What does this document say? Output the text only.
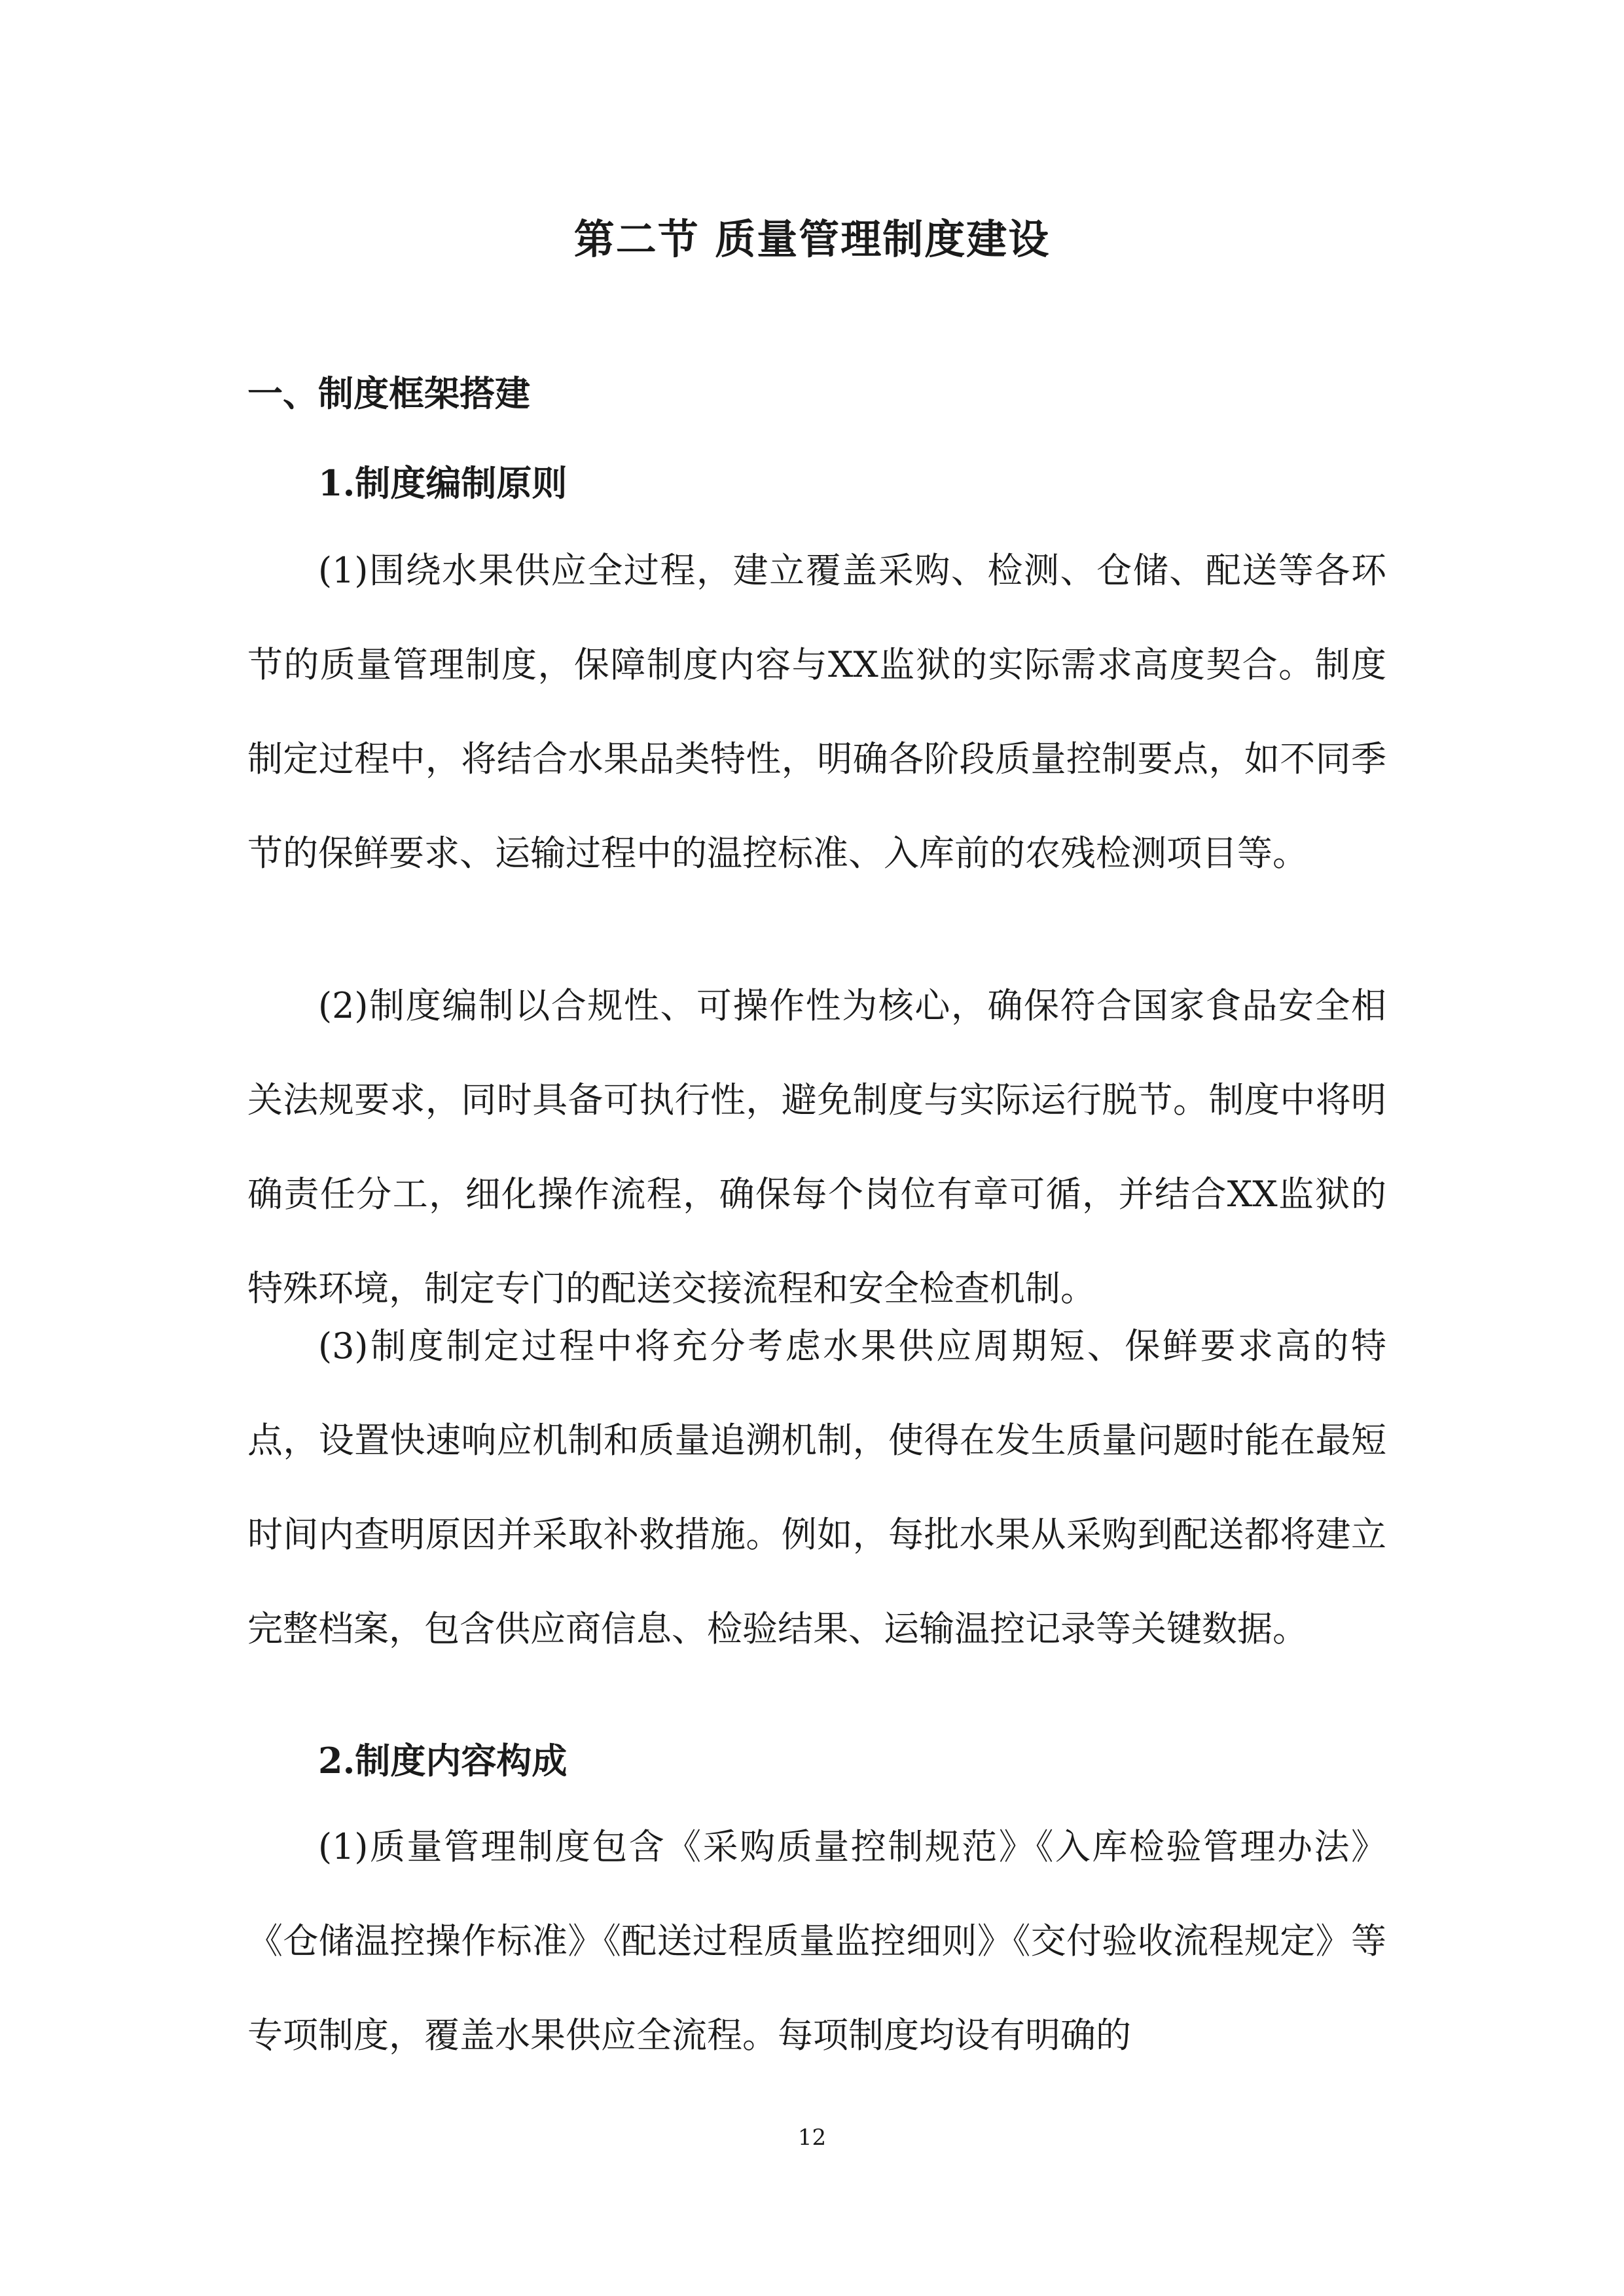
第二节 质量管理制度建设
一、制度框架搭建
1.制度编制原则

(1)围绕水果供应全过程，建立覆盖采购、检测、仓储、配送等各环节的质量管理制度，保障制度内容与XX监狱的实际需求高度契合。制度制定过程中，将结合水果品类特性，明确各阶段质量控制要点，如不同季节的保鲜要求、运输过程中的温控标准、入库前的农残检测项目等。

(2)制度编制以合规性、可操作性为核心，确保符合国家食品安全相关法规要求，同时具备可执行性，避免制度与实际运行脱节。制度中将明确责任分工，细化操作流程，确保每个岗位有章可循，并结合XX监狱的特殊环境，制定专门的配送交接流程和安全检查机制。

(3)制度制定过程中将充分考虑水果供应周期短、保鲜要求高的特点，设置快速响应机制和质量追溯机制，使得在发生质量问题时能在最短时间内查明原因并采取补救措施。例如，每批水果从采购到配送都将建立完整档案，包含供应商信息、检验结果、运输温控记录等关键数据。

2.制度内容构成

(1)质量管理制度包含《采购质量控制规范》《入库检验管理办法》《仓储温控操作标准》《配送过程质量监控细则》《交付验收流程规定》等专项制度，覆盖水果供应全流程。每项制度均设有明确的

12
